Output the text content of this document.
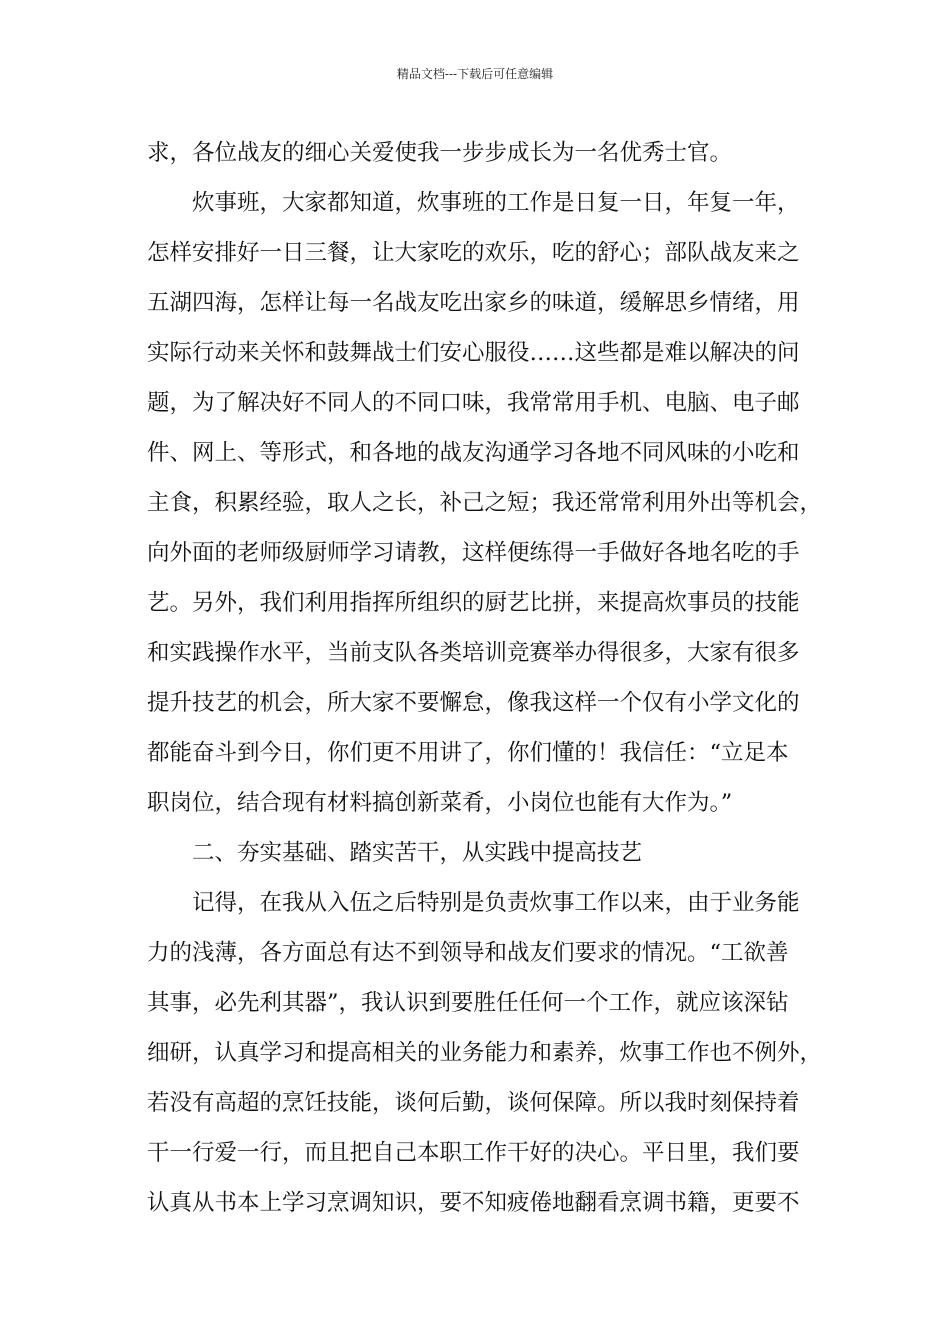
精品文档---下载后可任意编辑
求，各位战友的细心关爱使我一步步成长为一名优秀士官。
炊事班，大家都知道，炊事班的工作是日复一日，年复一年，
怎样安排好一日三餐，让大家吃的欢乐，吃的舒心；部队战友来之
五湖四海，怎样让每一名战友吃出家乡的味道，缓解思乡情绪，用
实际行动来关怀和鼓舞战士们安心服役……这些都是难以解决的问
题，为了解决好不同人的不同口味，我常常用手机、电脑、电子邮
件、网上、等形式，和各地的战友沟通学习各地不同风味的小吃和
主食，积累经验，取人之长，补己之短；我还常常利用外出等机会，
向外面的老师级厨师学习请教，这样便练得一手做好各地名吃的手
艺。另外，我们利用指挥所组织的厨艺比拼，来提高炊事员的技能
和实践操作水平，当前支队各类培训竞赛举办得很多，大家有很多
提升技艺的机会，所大家不要懈怠，像我这样一个仅有小学文化的
都能奋斗到今日，你们更不用讲了，你们懂的！我信任：“立足本
职岗位，结合现有材料搞创新菜肴，小岗位也能有大作为。”
二、夯实基础、踏实苦干，从实践中提高技艺
记得，在我从入伍之后特别是负责炊事工作以来，由于业务能
力的浅薄，各方面总有达不到领导和战友们要求的情况。“工欲善
其事，必先利其器”，我认识到要胜任任何一个工作，就应该深钻
细研，认真学习和提高相关的业务能力和素养，炊事工作也不例外，
若没有高超的烹饪技能，谈何后勤，谈何保障。所以我时刻保持着
干一行爱一行，而且把自己本职工作干好的决心。平日里，我们要
认真从书本上学习烹调知识，要不知疲倦地翻看烹调书籍，更要不
